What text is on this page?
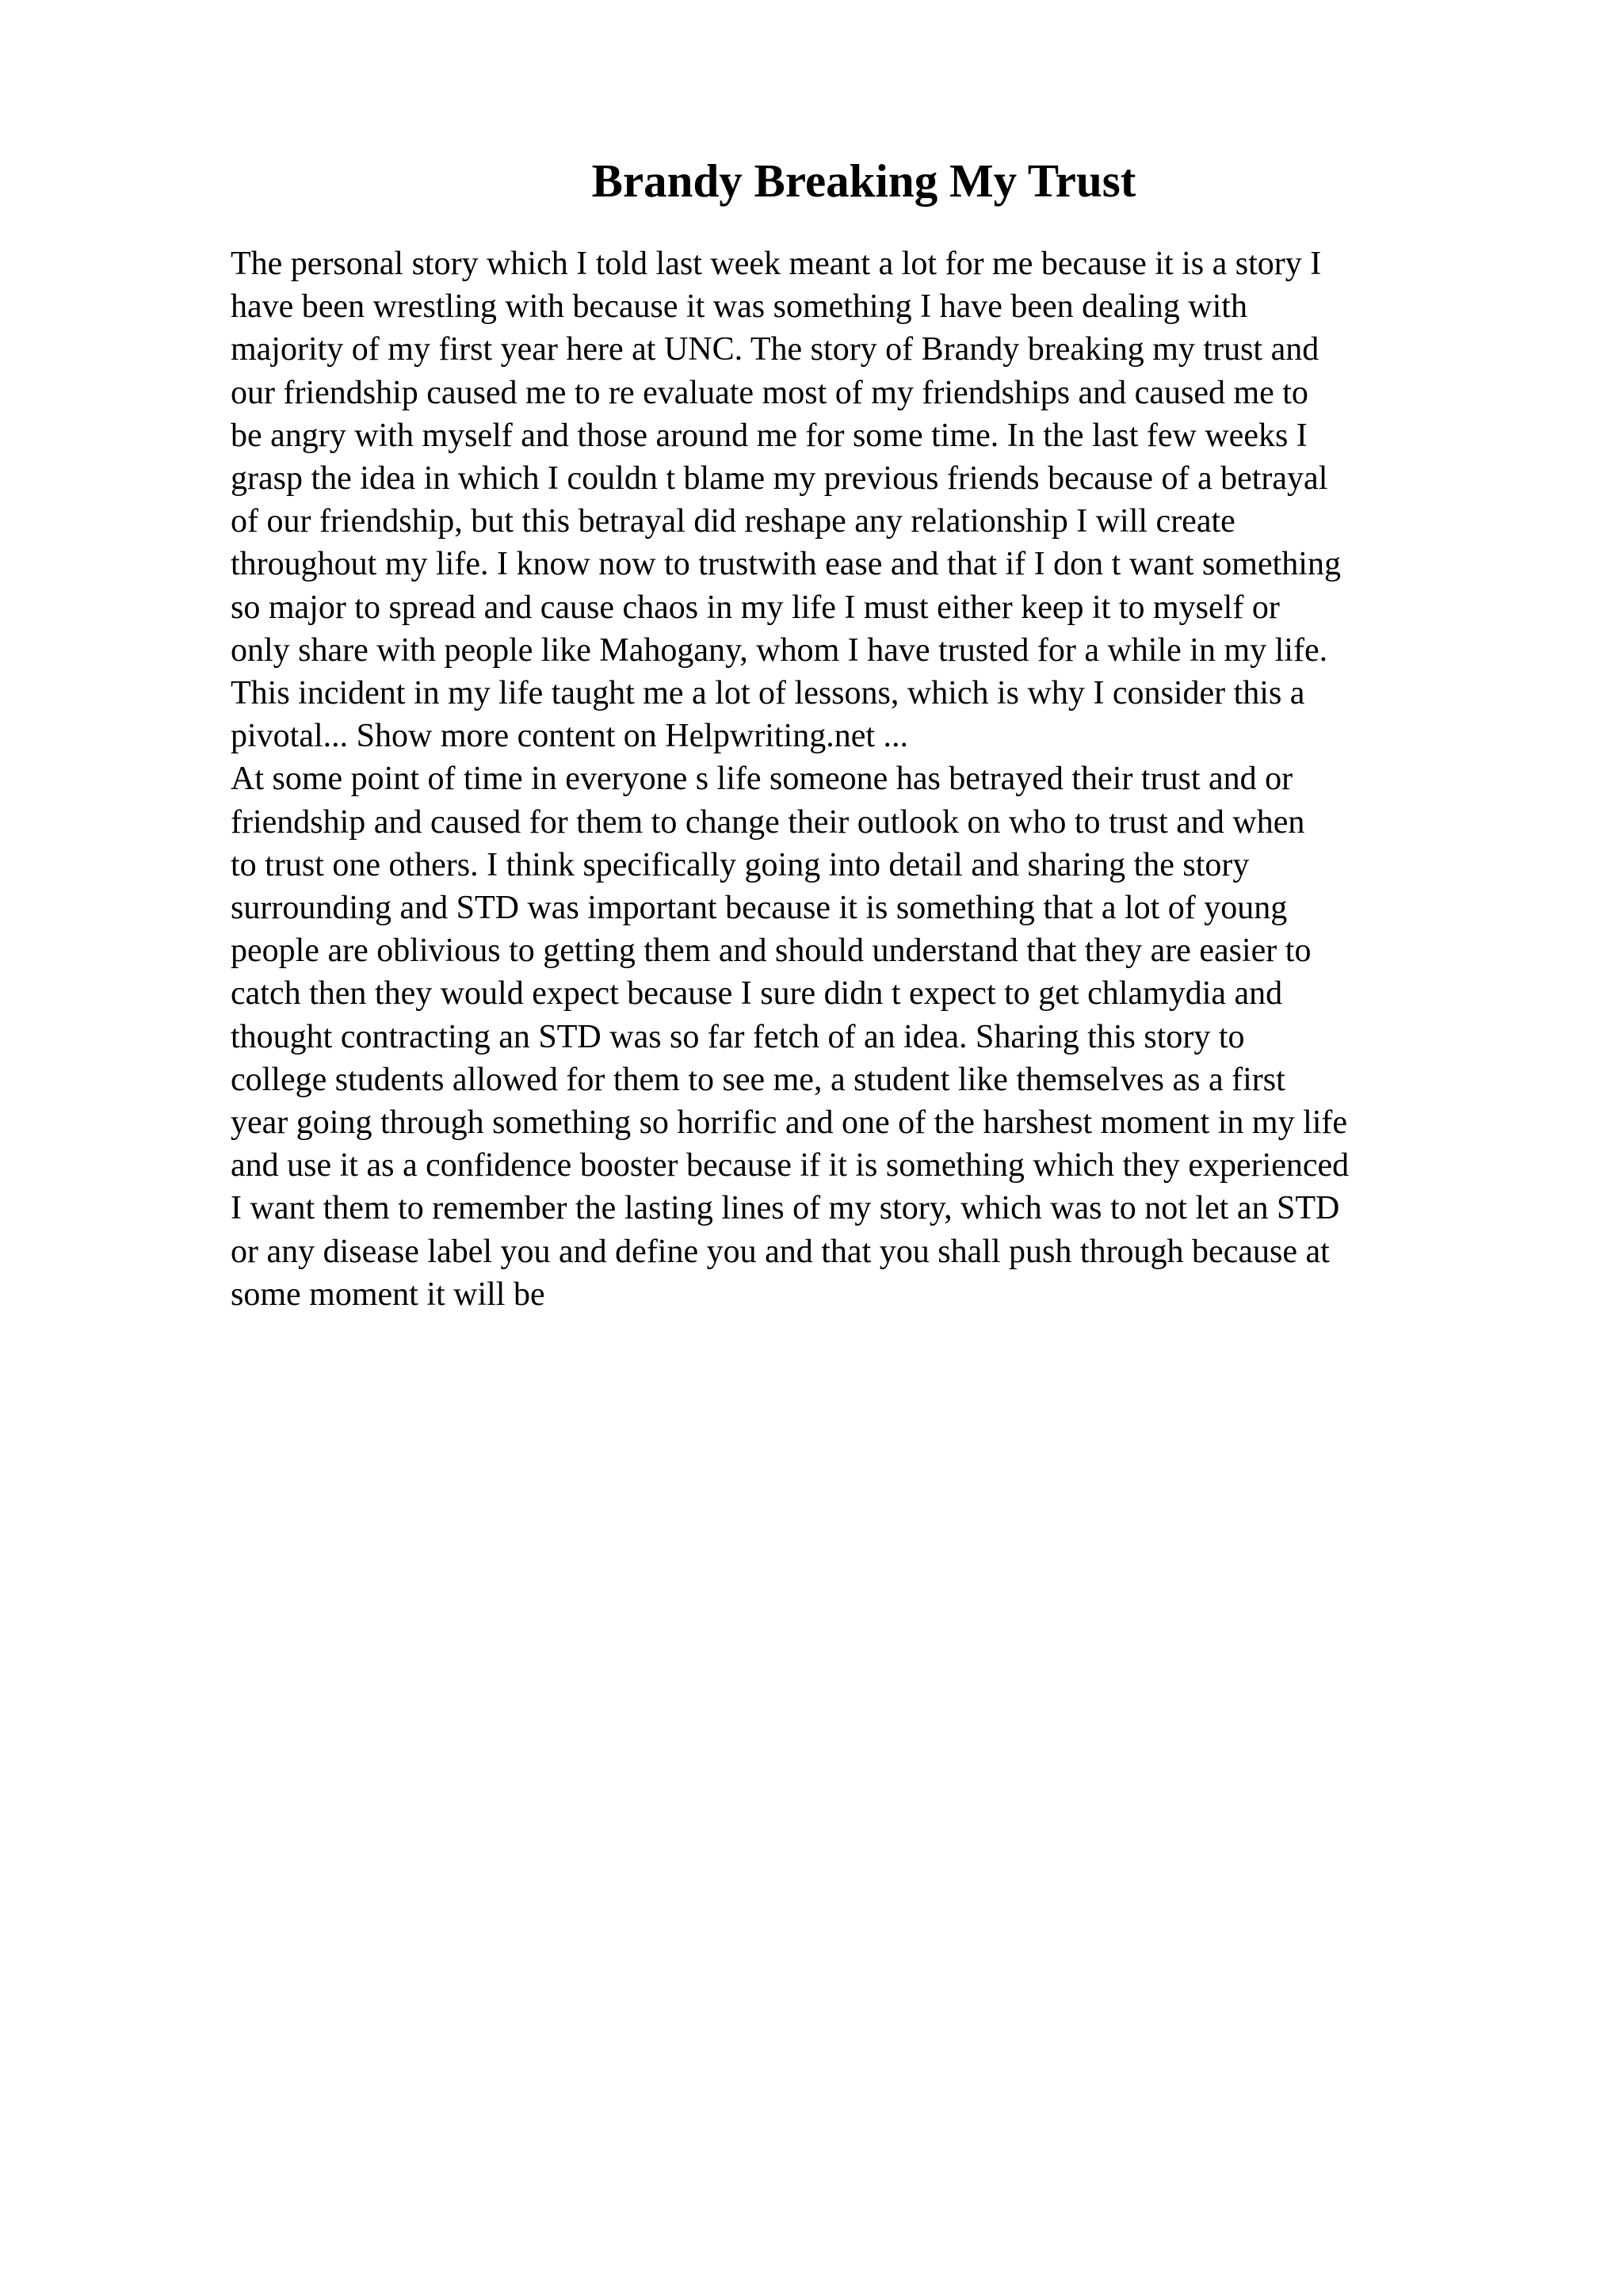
Brandy Breaking My Trust
The personal story which I told last week meant a lot for me because it is a story I
have been wrestling with because it was something I have been dealing with
majority of my first year here at UNC. The story of Brandy breaking my trust and
our friendship caused me to re evaluate most of my friendships and caused me to
be angry with myself and those around me for some time. In the last few weeks I
grasp the idea in which I couldn t blame my previous friends because of a betrayal
of our friendship, but this betrayal did reshape any relationship I will create
throughout my life. I know now to trustwith ease and that if I don t want something
so major to spread and cause chaos in my life I must either keep it to myself or
only share with people like Mahogany, whom I have trusted for a while in my life.
This incident in my life taught me a lot of lessons, which is why I consider this a
pivotal... Show more content on Helpwriting.net ...
At some point of time in everyone s life someone has betrayed their trust and or
friendship and caused for them to change their outlook on who to trust and when
to trust one others. I think specifically going into detail and sharing the story
surrounding and STD was important because it is something that a lot of young
people are oblivious to getting them and should understand that they are easier to
catch then they would expect because I sure didn t expect to get chlamydia and
thought contracting an STD was so far fetch of an idea. Sharing this story to
college students allowed for them to see me, a student like themselves as a first
year going through something so horrific and one of the harshest moment in my life
and use it as a confidence booster because if it is something which they experienced
I want them to remember the lasting lines of my story, which was to not let an STD
or any disease label you and define you and that you shall push through because at
some moment it will be
